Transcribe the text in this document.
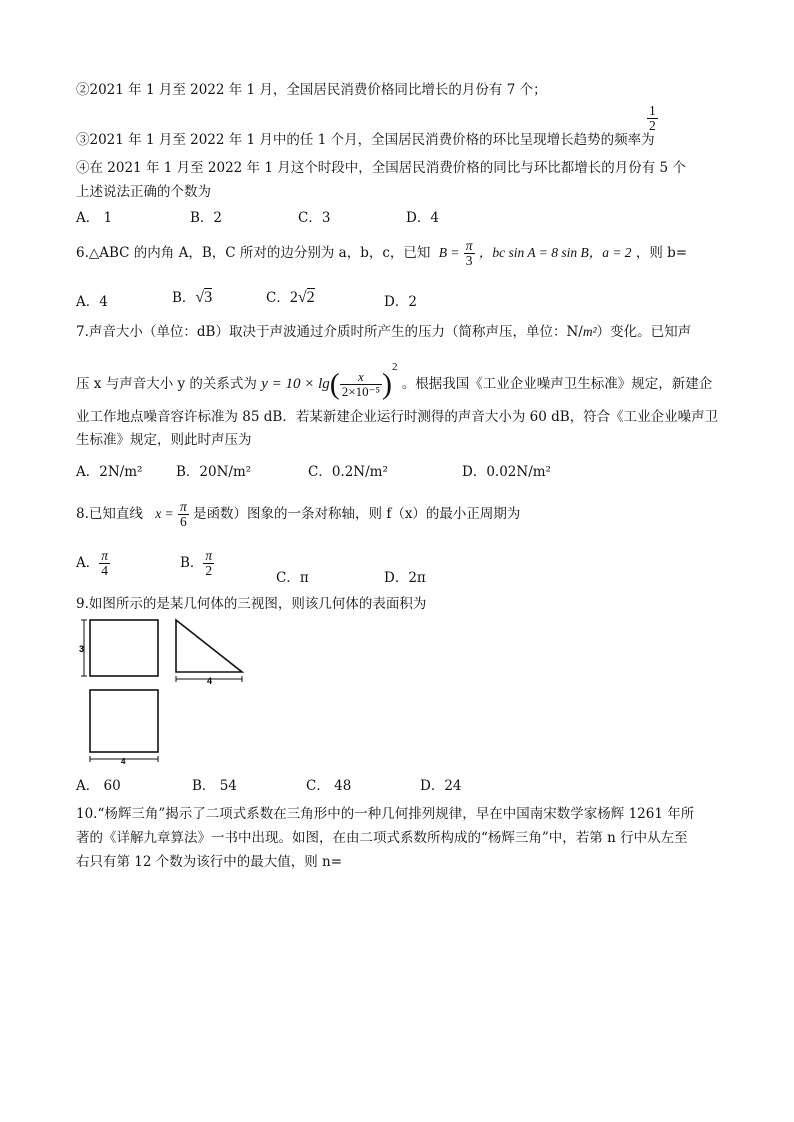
②2021 年 1 月至 2022 年 1 月，全国居民消费价格同比增长的月份有 7 个；
$\frac{1}{2}$
③2021 年 1 月至 2022 年 1 月中的任 1 个月，全国居民消费价格的环比呈现增长趋势的频率为
④在 2021 年 1 月至 2022 年 1 月这个时段中，全国居民消费价格的同比与环比都增长的月份有 5 个
上述说法正确的个数为
A． 1	B．2	C．3	D．4
6.△ABC 的内角 A，B，C 所对的边分别为 a，b，c，已知 $B = \frac{\pi}{3}$ ，bc sin A = 8 sin B，a = 2 ，则 b=
A．4	B．√3	C．2√2	D．2
7.声音大小（单位：dB）取决于声波通过介质时所产生的压力（简称声压，单位：N/m²）变化。已知声
压 x 与声音大小 y 的关系式为 $y = 10 \times \lg( \frac{x}{\text{2×10⁻⁵}} )^2$ 。根据我国《工业企业噪声卫生标准》规定，新建企
业工作地点噪音容许标准为 85 dB．若某新建企业运行时测得的声音大小为 60 dB，符合《工业企业噪声卫
生标准》规定，则此时声压为
A．2N/m² B．20N/m²	C．0.2N/m²	D．0.02N/m²
8.已知直线 $x = \frac{\pi}{6}$ 是函数）图象的一条对称轴，则 f（x）的最小正周期为
A． $\frac{\pi}{4}$	B． $\frac{\pi}{2}$	C．π	D．2π
9.如图所示的是某几何体的三视图，则该几何体的表面积为
3
4
4
A． 60	B． 54	C． 48	D．24
10.“杨辉三角”揭示了二项式系数在三角形中的一种几何排列规律，早在中国南宋数学家杨辉 1261 年所
著的《详解九章算法》一书中出现。如图，在由二项式系数所构成的“杨辉三角”中，若第 n 行中从左至
右只有第 12 个数为该行中的最大值，则 n=
